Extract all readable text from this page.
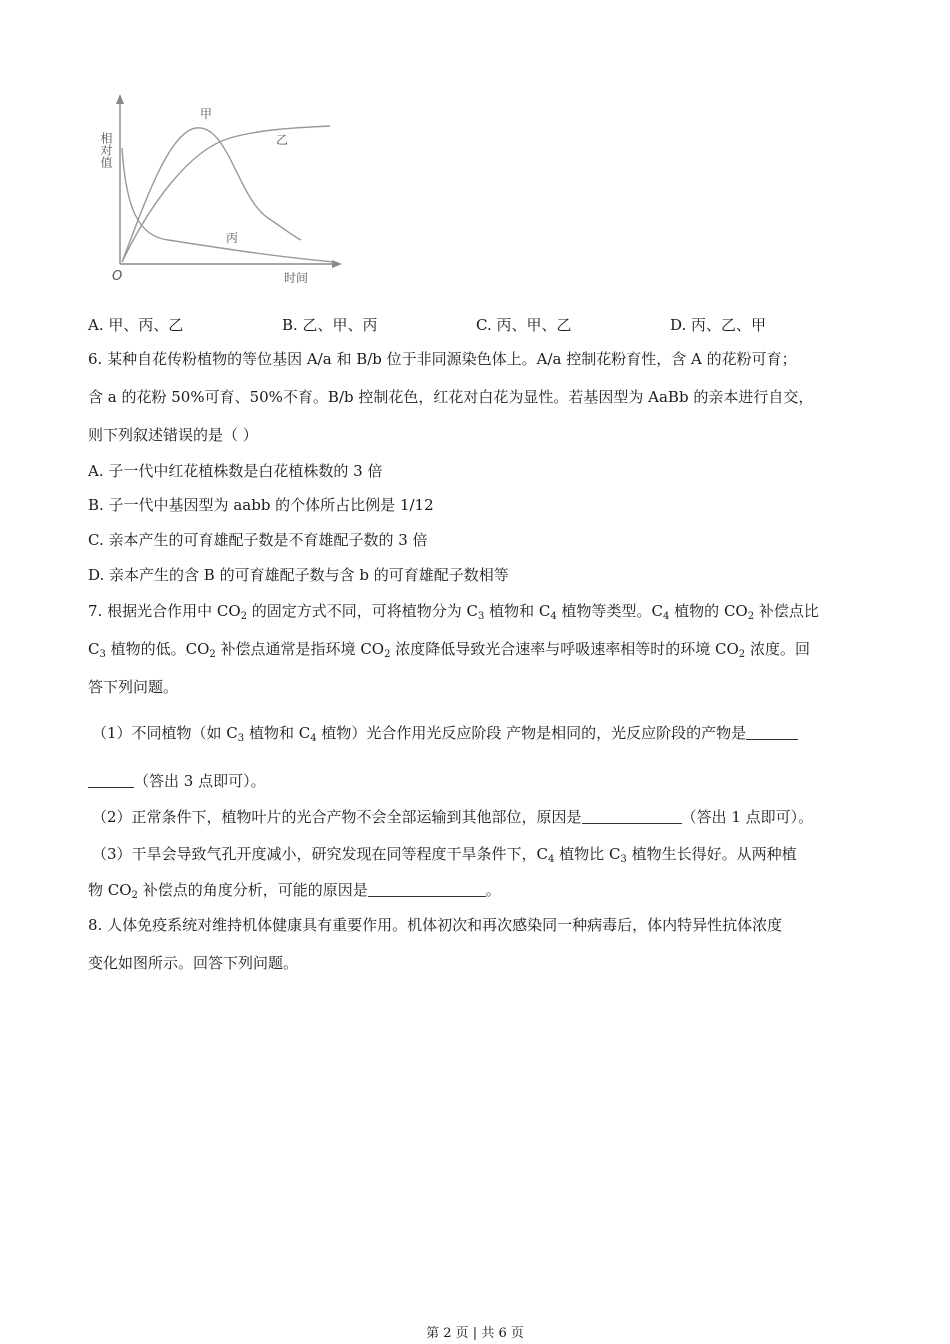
相对值
甲
乙
丙
O	时间
A. 甲、丙、乙	B. 乙、甲、丙	C. 丙、甲、乙	D. 丙、乙、甲
6. 某种自花传粉植物的等位基因 A/a 和 B/b 位于非同源染色体上。A/a 控制花粉育性，含 A 的花粉可育；
含 a 的花粉 50%可育、50%不育。B/b 控制花色，红花对白花为显性。若基因型为 AaBb 的亲本进行自交，
则下列叙述错误的是（ ）
A. 子一代中红花植株数是白花植株数的 3 倍
B. 子一代中基因型为 aabb 的个体所占比例是 1/12
C. 亲本产生的可育雄配子数是不育雄配子数的 3 倍
D. 亲本产生的含 B 的可育雄配子数与含 b 的可育雄配子数相等
7. 根据光合作用中 $CO_2$ 的固定方式不同，可将植物分为 $C_3$ 植物和 $C_4$ 植物等类型。$C_4$ 植物的 $CO_2$ 补偿点比
$C_3$ 植物的低。$CO_2$ 补偿点通常是指环境 $CO_2$ 浓度降低导致光合速率与呼吸速率相等时的环境 $CO_2$ 浓度。回
答下列问题。
（1）不同植物（如 $C_3$ 植物和 $C_4$ 植物）光合作用光反应阶段 产物是相同的，光反应阶段的产物是
（答出 3 点即可）。
（2）正常条件下，植物叶片的光合产物不会全部运输到其他部位，原因是	（答出 1 点即可）。
（3）干旱会导致气孔开度减小，研究发现在同等程度干旱条件下，$C_4$ 植物比 $C_3$ 植物生长得好。从两种植
物 $CO_2$ 补偿点的角度分析，可能的原因是	。
8. 人体免疫系统对维持机体健康具有重要作用。机体初次和再次感染同一种病毒后，体内特异性抗体浓度
变化如图所示。回答下列问题。
第 2 页 | 共 6 页
